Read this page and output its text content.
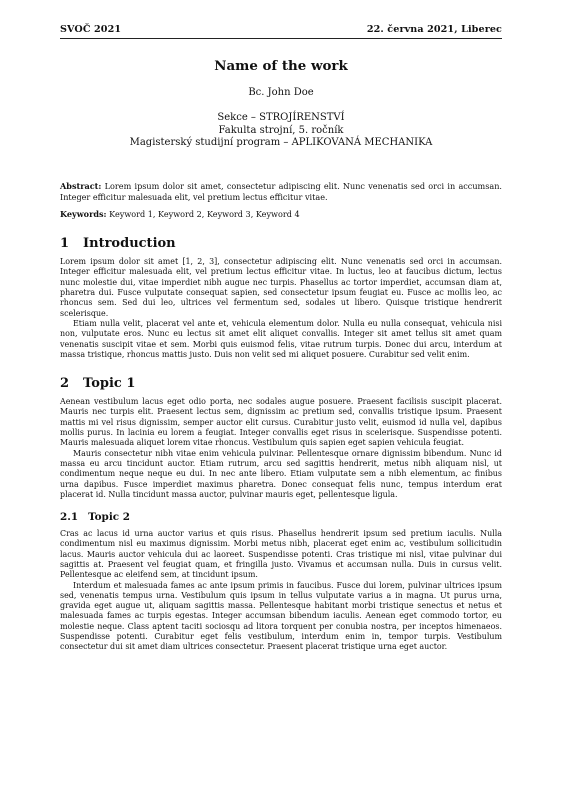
SVOČ 2021	22. června 2021, Liberec
Name of the work
Bc. John Doe
Sekce – STROJÍRENSTVÍ
Fakulta strojní, 5. ročník
Magisterský studijní program – APLIKOVANÁ MECHANIKA
Abstract: Lorem ipsum dolor sit amet, consectetur adipiscing elit. Nunc venenatis sed orci in accumsan. Integer efficitur malesuada elit, vel pretium lectus efficitur vitae.
Keywords: Keyword 1, Keyword 2, Keyword 3, Keyword 4
1 Introduction

Lorem ipsum dolor sit amet [1, 2, 3], consectetur adipiscing elit. Nunc venenatis sed orci in accumsan. Integer efficitur malesuada elit, vel pretium lectus efficitur vitae. In luctus, leo at faucibus dictum, lectus nunc molestie dui, vitae imperdiet nibh augue nec turpis. Phasellus ac tortor imperdiet, accumsan diam at, pharetra dui. Fusce vulputate consequat sapien, sed consectetur ipsum feugiat eu. Fusce ac mollis leo, ac rhoncus sem. Sed dui leo, ultrices vel fermentum sed, sodales ut libero. Quisque tristique hendrerit scelerisque.

Etiam nulla velit, placerat vel ante et, vehicula elementum dolor. Nulla eu nulla consequat, vehicula nisi non, vulputate eros. Nunc eu lectus sit amet elit aliquet convallis. Integer sit amet tellus sit amet quam venenatis suscipit vitae et sem. Morbi quis euismod felis, vitae rutrum turpis. Donec dui arcu, interdum at massa tristique, rhoncus mattis justo. Duis non velit sed mi aliquet posuere. Curabitur sed velit enim.

2 Topic 1

Aenean vestibulum lacus eget odio porta, nec sodales augue posuere. Praesent facilisis suscipit placerat. Mauris nec turpis elit. Praesent lectus sem, dignissim ac pretium sed, convallis tristique ipsum. Praesent mattis mi vel risus dignissim, semper auctor elit cursus. Curabitur justo velit, euismod id nulla vel, dapibus mollis purus. In lacinia eu lorem a feugiat. Integer convallis eget risus in scelerisque. Suspendisse potenti. Mauris malesuada aliquet lorem vitae rhoncus. Vestibulum quis sapien eget sapien vehicula feugiat.

Mauris consectetur nibh vitae enim vehicula pulvinar. Pellentesque ornare dignissim bibendum. Nunc id massa eu arcu tincidunt auctor. Etiam rutrum, arcu sed sagittis hendrerit, metus nibh aliquam nisl, ut condimentum neque neque eu dui. In nec ante libero. Etiam vulputate sem a nibh elementum, ac finibus urna dapibus. Fusce imperdiet maximus pharetra. Donec consequat felis nunc, tempus interdum erat placerat id. Nulla tincidunt massa auctor, pulvinar mauris eget, pellentesque ligula.

2.1 Topic 2

Cras ac lacus id urna auctor varius et quis risus. Phasellus hendrerit ipsum sed pretium iaculis. Nulla condimentum nisl eu maximus dignissim. Morbi metus nibh, placerat eget enim ac, vestibulum sollicitudin lacus. Mauris auctor vehicula dui ac laoreet. Suspendisse potenti. Cras tristique mi nisl, vitae pulvinar dui sagittis at. Praesent vel feugiat quam, et fringilla justo. Vivamus et accumsan nulla. Duis in cursus velit. Pellentesque ac eleifend sem, at tincidunt ipsum.

Interdum et malesuada fames ac ante ipsum primis in faucibus. Fusce dui lorem, pulvinar ultrices ipsum sed, venenatis tempus urna. Vestibulum quis ipsum in tellus vulputate varius a in magna. Ut purus urna, gravida eget augue ut, aliquam sagittis massa. Pellentesque habitant morbi tristique senectus et netus et malesuada fames ac turpis egestas. Integer accumsan bibendum iaculis. Aenean eget commodo tortor, eu molestie neque. Class aptent taciti sociosqu ad litora torquent per conubia nostra, per inceptos himenaeos. Suspendisse potenti. Curabitur eget felis vestibulum, interdum enim in, tempor turpis. Vestibulum consectetur dui sit amet diam ultrices consectetur. Praesent placerat tristique urna eget auctor.
